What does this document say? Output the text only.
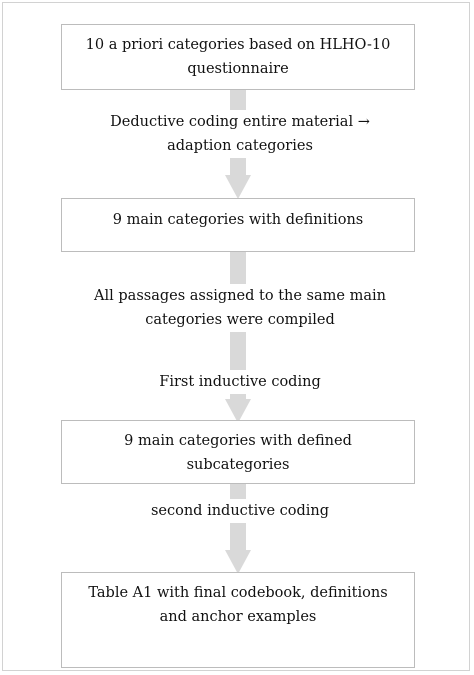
10 a priori categories based on HLHO-10 questionnaire
9 main categories with definitions
9 main categories with defined subcategories
Table A1 with final codebook, definitions and anchor examples
Deductive coding entire material → adaption categories
All passages assigned to the same main categories were compiled
First inductive coding
second inductive coding
